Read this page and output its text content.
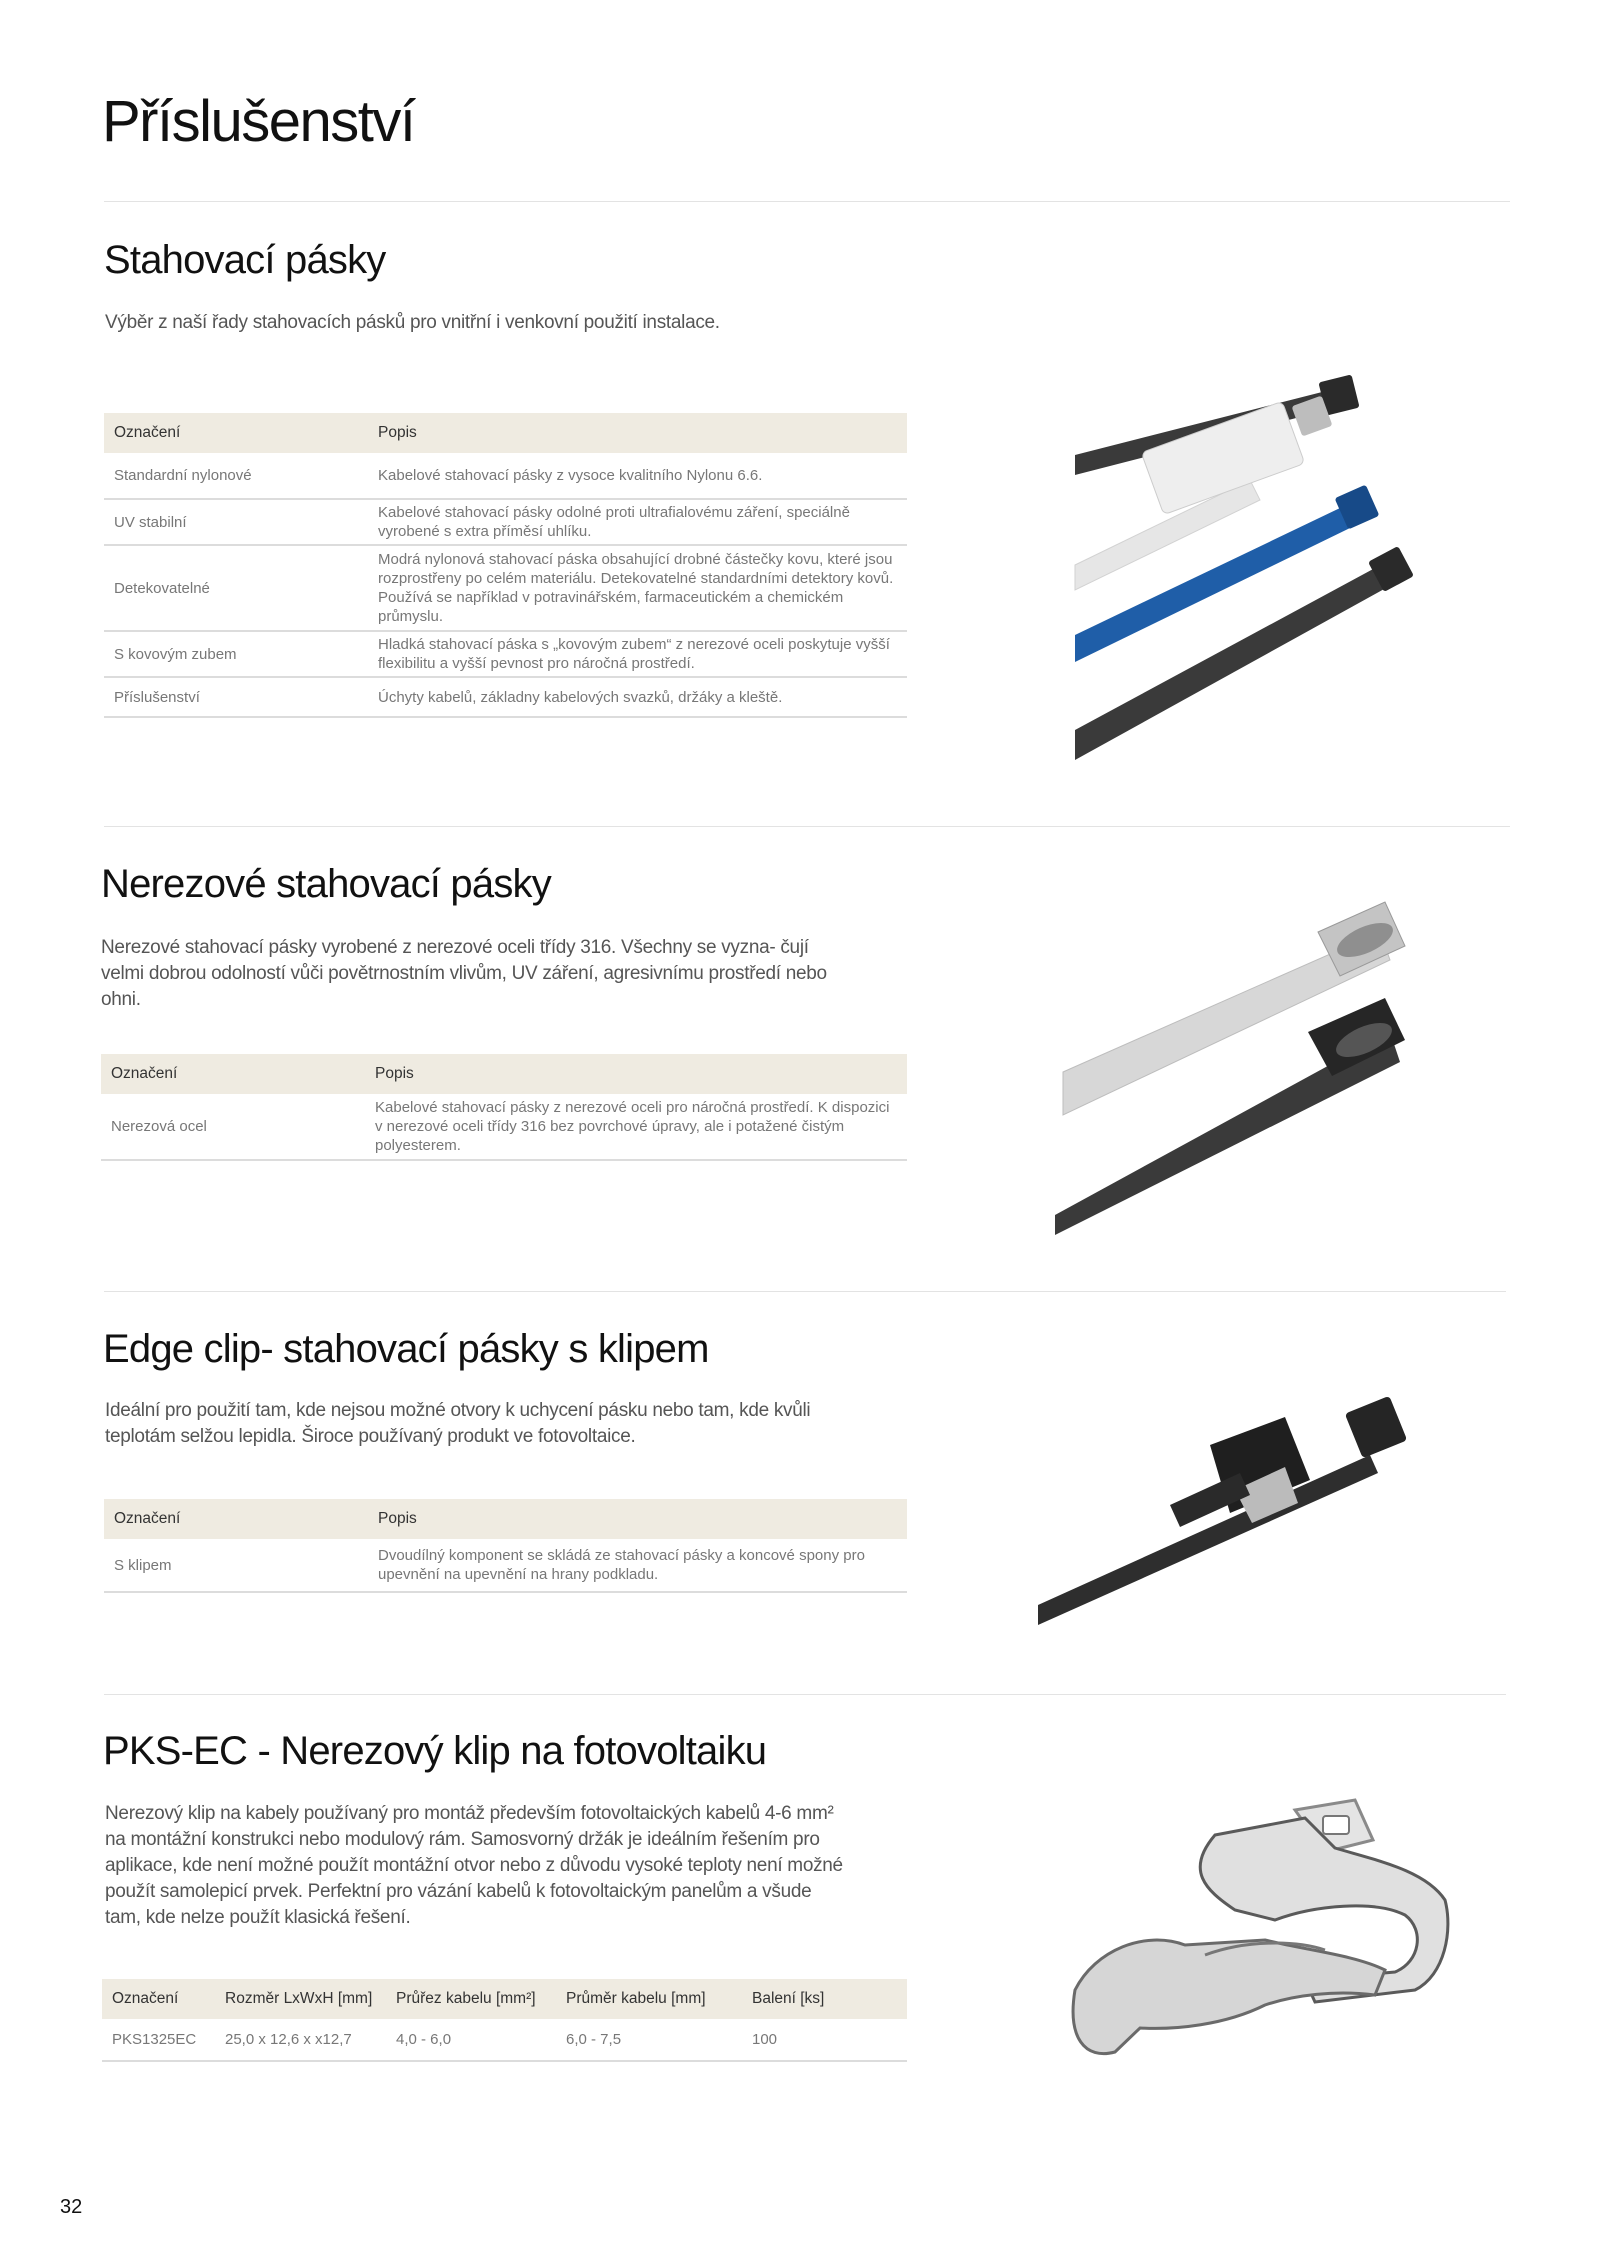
Příslušenství
Stahovací pásky

Výběr z naší řady stahovacích pásků pro vnitřní i venkovní použití instalace.

Označení	Popis
Standardní nylonové	Kabelové stahovací pásky z vysoce kvalitního Nylonu 6.6.
UV stabilní	Kabelové stahovací pásky odolné proti ultrafialovému záření, speciálně vyrobené s extra příměsí uhlíku.
Detekovatelné	Modrá nylonová stahovací páska obsahující drobné částečky kovu, které jsou rozprostřeny po celém materiálu. Detekovatelné standardními detektory kovů. Používá se například v potravinářském, farmaceutickém a chemickém průmyslu.
S kovovým zubem	Hladká stahovací páska s „kovovým zubem“ z nerezové oceli poskytuje vyšší flexibilitu a vyšší pevnost pro náročná prostředí.
Příslušenství	Úchyty kabelů, základny kabelových svazků, držáky a kleště.
Nerezové stahovací pásky

Nerezové stahovací pásky vyrobené z nerezové oceli třídy 316. Všechny se vyzna- čují velmi dobrou odolností vůči povětrnostním vlivům, UV záření, agresivnímu prostředí nebo ohni.

Označení	Popis
Nerezová ocel	Kabelové stahovací pásky z nerezové oceli pro náročná prostředí. K dispozici v nerezové oceli třídy 316 bez povrchové úpravy, ale i potažené čistým polyesterem.
Edge clip- stahovací pásky s klipem

Ideální pro použití tam, kde nejsou možné otvory k uchycení pásku nebo tam, kde kvůli teplotám selžou lepidla. Široce používaný produkt ve fotovoltaice.

Označení	Popis
S klipem	Dvoudílný komponent se skládá ze stahovací pásky a koncové spony pro upevnění na upevnění na hrany podkladu.
PKS-EC - Nerezový klip na fotovoltaiku

Nerezový klip na kabely používaný pro montáž především fotovoltaických kabelů 4-6 mm² na montážní konstrukci nebo modulový rám. Samosvorný držák je ideálním řešením pro aplikace, kde není možné použít montážní otvor nebo z důvodu vysoké teploty není možné použít samolepicí prvek. Perfektní pro vázání kabelů k fotovoltaickým panelům a všude tam, kde nelze použít klasická řešení.

Označení	Rozměr LxWxH [mm]	Průřez kabelu [mm²]	Průměr kabelu [mm]	Balení [ks]
PKS1325EC	25,0 x 12,6 x x12,7	4,0 - 6,0	6,0 - 7,5	100
32
